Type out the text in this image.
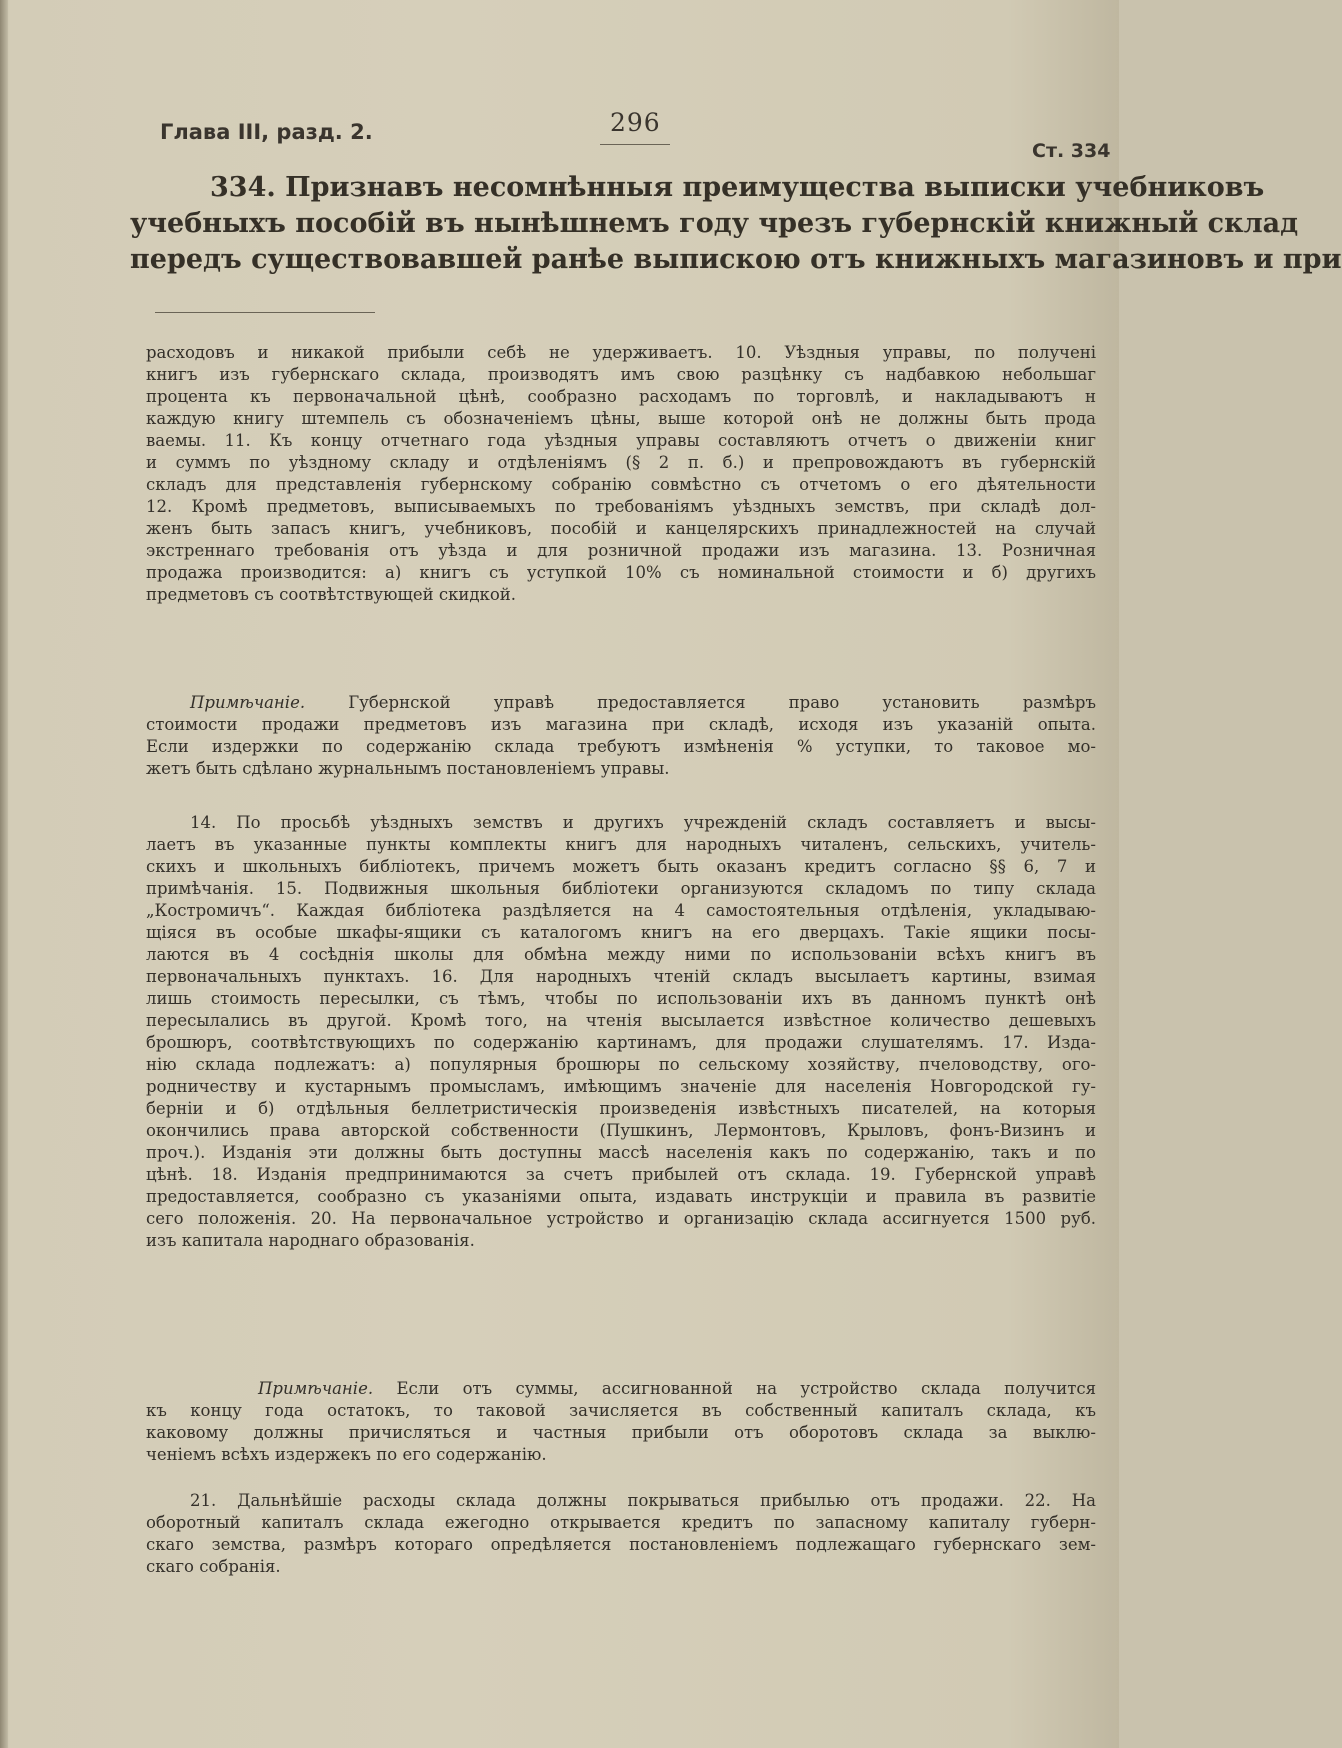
Глава III, разд. 2.	296
Ст. 334
334. Признавъ несомнѣнныя преимущества выписки учебниковъ
учебныхъ пособій въ нынѣшнемъ году чрезъ губернскій книжный склад
передъ существовавшей ранѣе выпискою отъ книжныхъ магазиновъ и при
расходовъ и никакой прибыли себѣ не удерживаетъ. 10. Уѣздныя управы, по получені
книгъ изъ губернскаго склада, производятъ имъ свою разцѣнку съ надбавкою небольшаг
процента къ первоначальной цѣнѣ, сообразно расходамъ по торговлѣ, и накладываютъ н
каждую книгу штемпель съ обозначеніемъ цѣны, выше которой онѣ не должны быть прода
ваемы. 11. Къ концу отчетнаго года уѣздныя управы составляютъ отчетъ о движеніи книг
и суммъ по уѣздному складу и отдѣленіямъ (§ 2 п. б.) и препровождаютъ въ губернскій
складъ для представленія губернскому собранію совмѣстно съ отчетомъ о его дѣятельности
12. Кромѣ предметовъ, выписываемыхъ по требованіямъ уѣздныхъ земствъ, при складѣ дол-
женъ быть запасъ книгъ, учебниковъ, пособій и канцелярскихъ принадлежностей на случай
экстреннаго требованія отъ уѣзда и для розничной продажи изъ магазина. 13. Розничная
продажа производится: а) книгъ съ уступкой 10% съ номинальной стоимости и б) другихъ
предметовъ съ соотвѣтствующей скидкой.
Примѣчаніе.	Губернской управѣ предоставляется право установить размѣръ
стоимости продажи предметовъ изъ магазина при складѣ, исходя изъ указаній опыта.
Если издержки по содержанію склада требуютъ измѣненія % уступки, то таковое мо-
жетъ быть сдѣлано журнальнымъ постановленіемъ управы.
14. По просьбѣ уѣздныхъ земствъ и другихъ учрежденій складъ составляетъ и высы-
лаетъ въ указанные пункты комплекты книгъ для народныхъ читаленъ, сельскихъ, учитель-
скихъ и школьныхъ библіотекъ, причемъ можетъ быть оказанъ кредитъ согласно §§ 6, 7 и
примѣчанія. 15. Подвижныя школьныя библіотеки организуются складомъ по типу склада
„Костромичъ“. Каждая библіотека раздѣляется на 4 самостоятельныя отдѣленія, укладываю-
щіяся въ особые шкафы-ящики съ каталогомъ книгъ на его дверцахъ. Такіе ящики посы-
лаются въ 4 сосѣднія школы для обмѣна между ними по использованіи всѣхъ книгъ въ
первоначальныхъ пунктахъ. 16. Для народныхъ чтеній складъ высылаетъ картины, взимая
лишь стоимость пересылки, съ тѣмъ, чтобы по использованіи ихъ въ данномъ пунктѣ онѣ
пересылались въ другой. Кромѣ того, на чтенія высылается извѣстное количество дешевыхъ
брошюръ, соотвѣтствующихъ по содержанію картинамъ, для продажи слушателямъ. 17. Изда-
нію склада подлежатъ: а) популярныя брошюры по сельскому хозяйству, пчеловодству, ого-
родничеству и кустарнымъ промысламъ, имѣющимъ значеніе для населенія Новгородской гу-
берніи и б) отдѣльныя беллетристическія произведенія извѣстныхъ писателей, на которыя
окончились права авторской собственности (Пушкинъ, Лермонтовъ, Крыловъ, фонъ-Визинъ и
проч.). Изданія эти должны быть доступны массѣ населенія какъ по содержанію, такъ и по
цѣнѣ. 18. Изданія предпринимаются за счетъ прибылей отъ склада. 19. Губернской управѣ
предоставляется, сообразно съ указаніями опыта, издавать инструкціи и правила въ развитіе
сего положенія. 20. На первоначальное устройство и организацію склада ассигнуется 1500 руб.
изъ капитала народнаго образованія.
Примѣчаніе. Если отъ суммы, ассигнованной на устройство склада получится
къ концу года остатокъ, то таковой зачисляется въ собственный капиталъ склада, къ
каковому должны причисляться и частныя прибыли отъ оборотовъ склада за выклю-
ченіемъ всѣхъ издержекъ по его содержанію.
21. Дальнѣйшіе расходы склада должны покрываться прибылью отъ продажи. 22. На
оборотный капиталъ склада ежегодно открывается кредитъ по запасному капиталу губерн-
скаго земства, размѣръ котораго опредѣляется постановленіемъ подлежащаго губернскаго зем-
скаго собранія.
